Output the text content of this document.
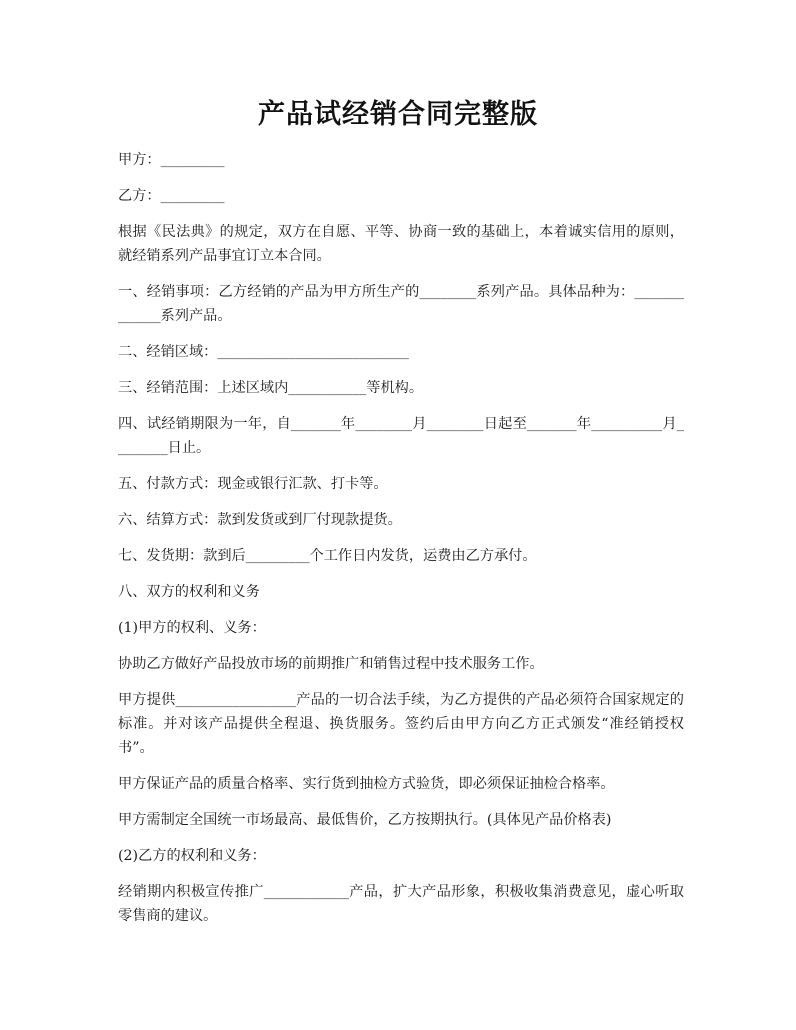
产品试经销合同完整版

甲方：_________

乙方：_________

根据《民法典》的规定，双方在自愿、平等、协商一致的基础上，本着诚实信用的原则，就经销系列产品事宜订立本合同。

一、经销事项：乙方经销的产品为甲方所生产的________系列产品。具体品种为：_____________系列产品。

二、经销区域：___________________________

三、经销范围：上述区域内___________等机构。

四、试经销期限为一年，自_______年________月________日起至_______年__________月________日止。

五、付款方式：现金或银行汇款、打卡等。

六、结算方式：款到发货或到厂付现款提货。

七、发货期：款到后_________个工作日内发货，运费由乙方承付。

八、双方的权利和义务

(1)甲方的权利、义务：

协助乙方做好产品投放市场的前期推广和销售过程中技术服务工作。

甲方提供_________________产品的一切合法手续，为乙方提供的产品必须符合国家规定的标准。并对该产品提供全程退、换货服务。签约后由甲方向乙方正式颁发“准经销授权书”。

甲方保证产品的质量合格率、实行货到抽检方式验货，即必须保证抽检合格率。

甲方需制定全国统一市场最高、最低售价，乙方按期执行。(具体见产品价格表)

(2)乙方的权利和义务：

经销期内积极宣传推广____________产品，扩大产品形象，积极收集消费意见，虚心听取零售商的建议。
